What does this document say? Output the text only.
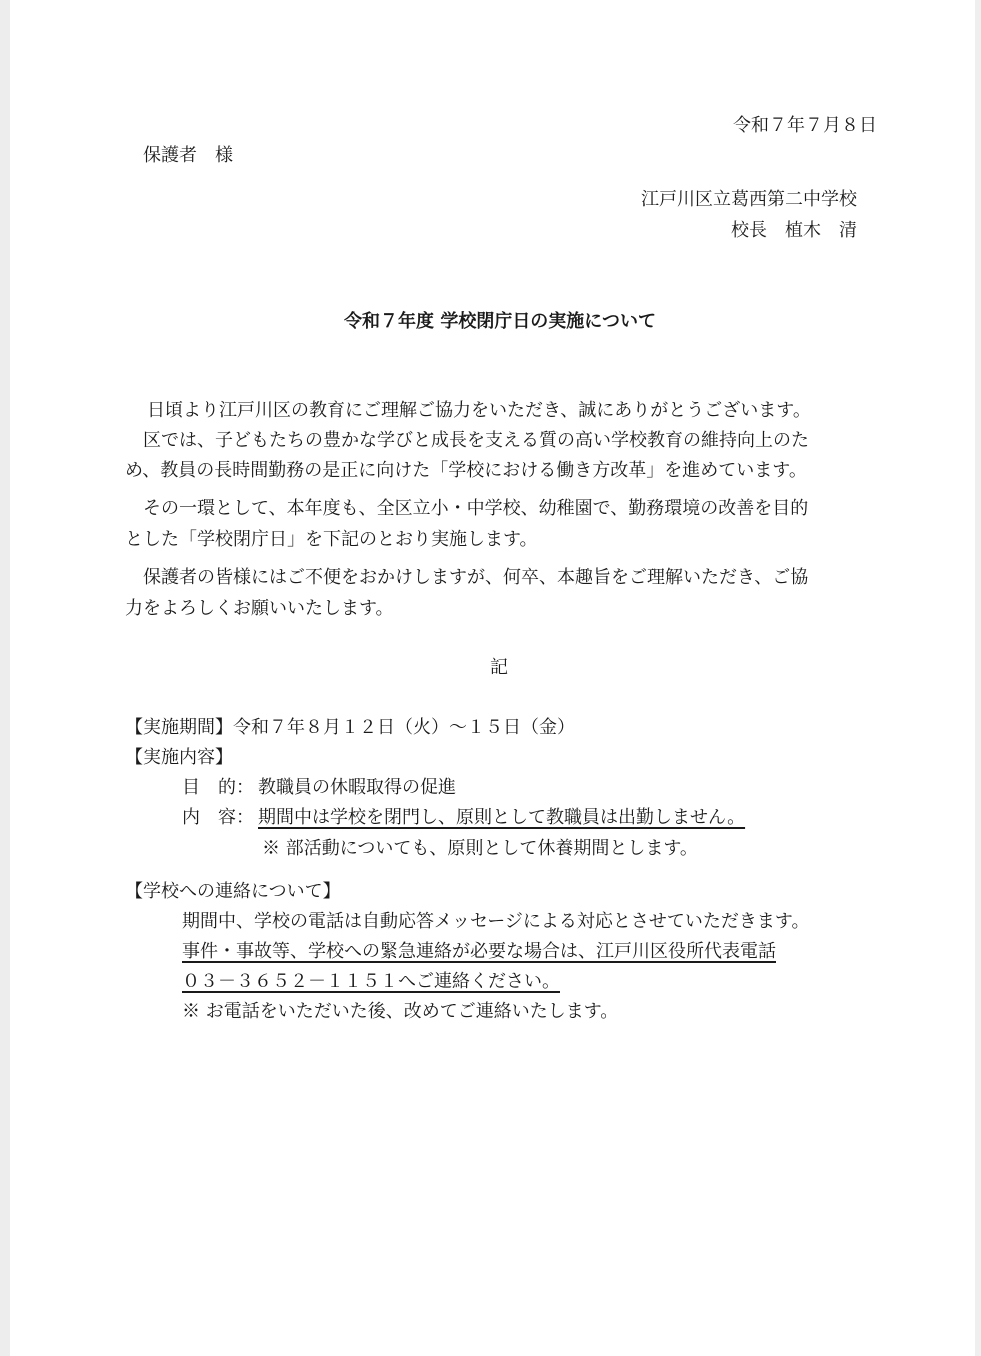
令和７年７月８日
保護者　様
江戸川区立葛西第二中学校
校長　植木　清
令和７年度 学校閉庁日の実施について
日頃より江戸川区の教育にご理解ご協力をいただき、誠にありがとうございます。
区では、子どもたちの豊かな学びと成長を支える質の高い学校教育の維持向上のた
め、教員の長時間勤務の是正に向けた「学校における働き方改革」を進めています。
その一環として、本年度も、全区立小・中学校、幼稚園で、勤務環境の改善を目的
とした「学校閉庁日」を下記のとおり実施します。
保護者の皆様にはご不便をおかけしますが、何卒、本趣旨をご理解いただき、ご協
力をよろしくお願いいたします。
記
【実施期間】令和７年８月１２日（火）～１５日（金）
【実施内容】
目　的： 教職員の休暇取得の促進
内　容： 期間中は学校を閉門し、原則として教職員は出勤しません。
※ 部活動についても、原則として休養期間とします。
【学校への連絡について】
期間中、学校の電話は自動応答メッセージによる対応とさせていただきます。
事件・事故等、学校への緊急連絡が必要な場合は、江戸川区役所代表電話
０３－３６５２－１１５１へご連絡ください。
※ お電話をいただいた後、改めてご連絡いたします。
